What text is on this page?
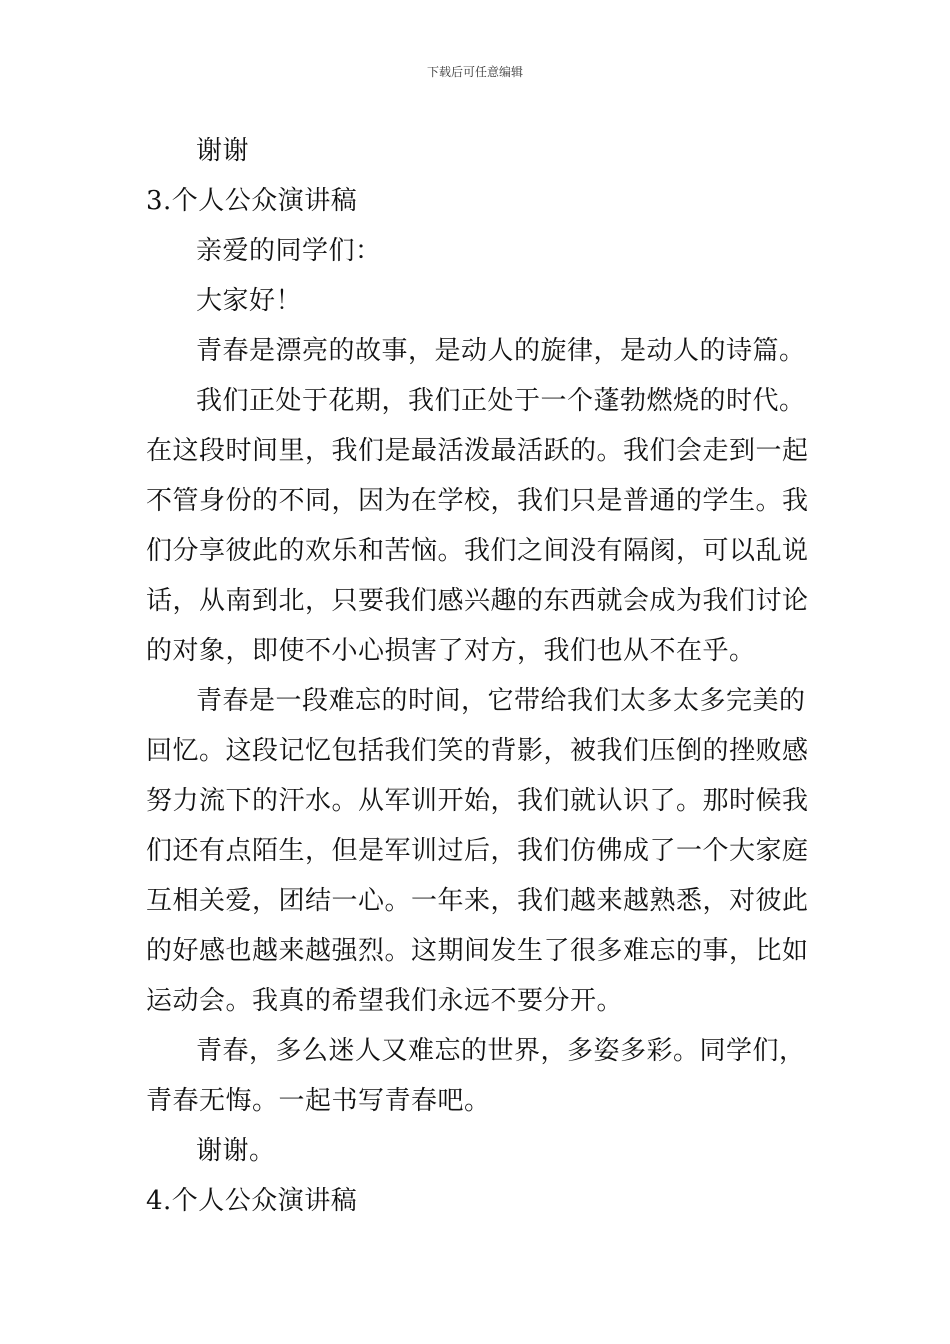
下载后可任意编辑
谢谢
3.个人公众演讲稿
亲爱的同学们：
大家好！
青春是漂亮的故事，是动人的旋律，是动人的诗篇。
我们正处于花期，我们正处于一个蓬勃燃烧的时代。
在这段时间里，我们是最活泼最活跃的。我们会走到一起
不管身份的不同，因为在学校，我们只是普通的学生。我
们分享彼此的欢乐和苦恼。我们之间没有隔阂，可以乱说
话，从南到北，只要我们感兴趣的东西就会成为我们讨论
的对象，即使不小心损害了对方，我们也从不在乎。
青春是一段难忘的时间，它带给我们太多太多完美的
回忆。这段记忆包括我们笑的背影，被我们压倒的挫败感
努力流下的汗水。从军训开始，我们就认识了。那时候我
们还有点陌生，但是军训过后，我们仿佛成了一个大家庭
互相关爱，团结一心。一年来，我们越来越熟悉，对彼此
的好感也越来越强烈。这期间发生了很多难忘的事，比如
运动会。我真的希望我们永远不要分开。
青春，多么迷人又难忘的世界，多姿多彩。同学们，
青春无悔。一起书写青春吧。
谢谢。
4.个人公众演讲稿
